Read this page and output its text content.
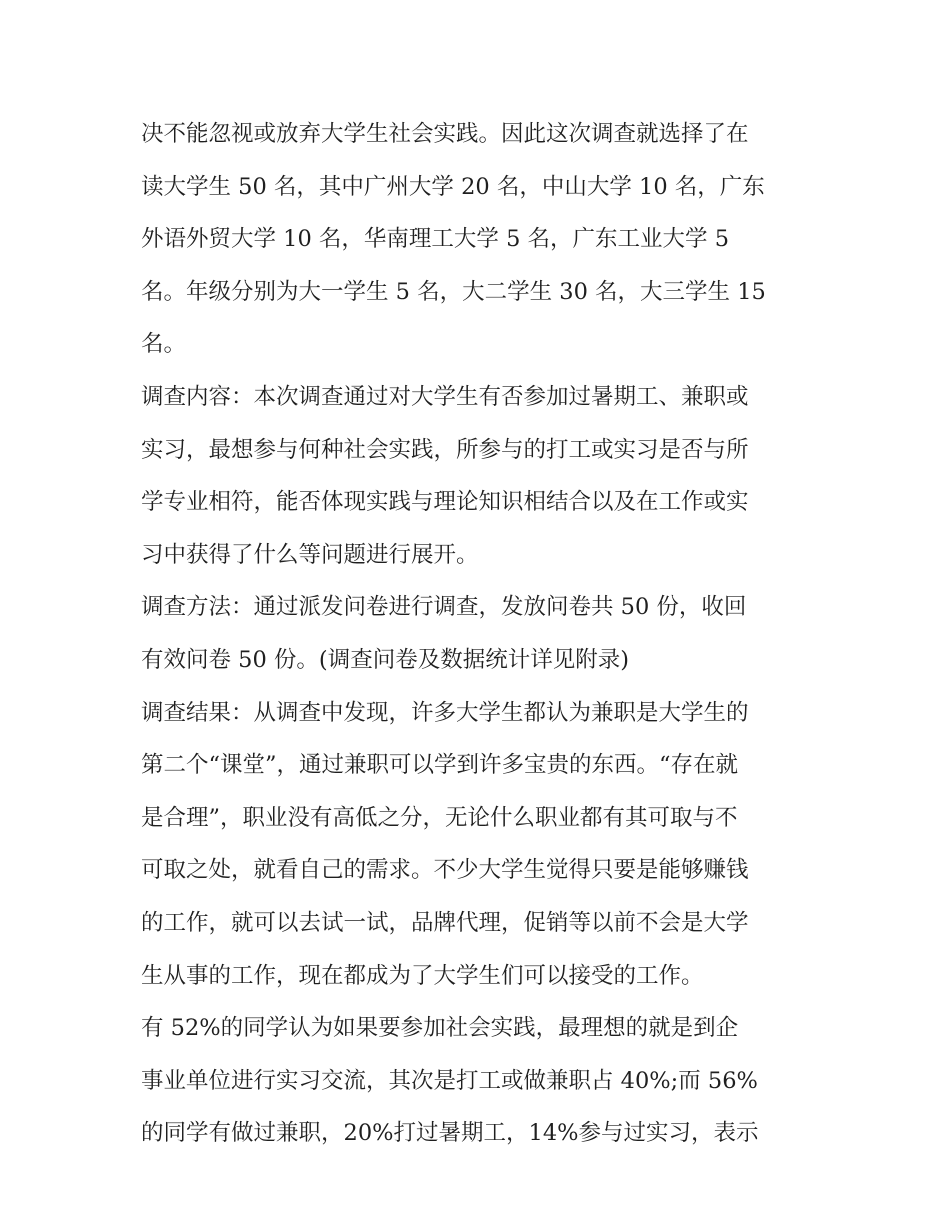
决不能忽视或放弃大学生社会实践。因此这次调查就选择了在
读大学生 50 名，其中广州大学 20 名，中山大学 10 名，广东
外语外贸大学 10 名，华南理工大学 5 名，广东工业大学 5
名。年级分别为大一学生 5 名，大二学生 30 名，大三学生 15
名。
调查内容：本次调查通过对大学生有否参加过暑期工、兼职或
实习，最想参与何种社会实践，所参与的打工或实习是否与所
学专业相符，能否体现实践与理论知识相结合以及在工作或实
习中获得了什么等问题进行展开。
调查方法：通过派发问卷进行调查，发放问卷共 50 份，收回
有效问卷 50 份。(调查问卷及数据统计详见附录)
调查结果：从调查中发现，许多大学生都认为兼职是大学生的
第二个“课堂”，通过兼职可以学到许多宝贵的东西。“存在就
是合理”，职业没有高低之分，无论什么职业都有其可取与不
可取之处，就看自己的需求。不少大学生觉得只要是能够赚钱
的工作，就可以去试一试，品牌代理，促销等以前不会是大学
生从事的工作，现在都成为了大学生们可以接受的工作。
有 52%的同学认为如果要参加社会实践，最理想的就是到企
事业单位进行实习交流，其次是打工或做兼职占 40%;而 56%
的同学有做过兼职，20%打过暑期工，14%参与过实习，表示
